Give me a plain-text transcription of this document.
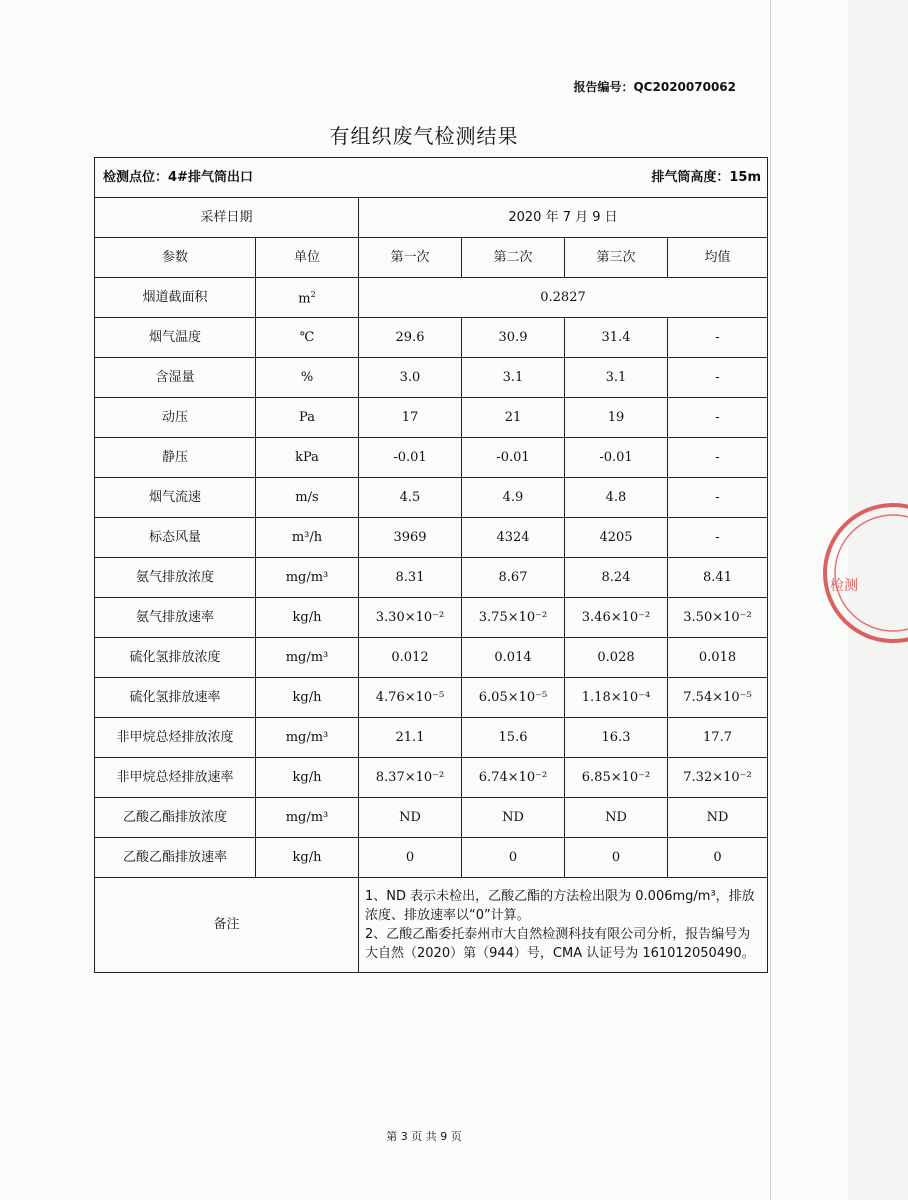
报告编号：QC2020070062
有组织废气检测结果
检测点位：4#排气筒出口			排气筒高度：15m		
采样日期		2020 年 7 月 9 日			
参数	单位	第一次	第二次	第三次	均值
烟道截面积	$m^2$	0.2827			
烟气温度	℃	29.6	30.9	31.4	-
含湿量	%	3.0	3.1	3.1	-
动压	Pa	17	21	19	-
静压	kPa	-0.01	-0.01	-0.01	-
烟气流速	m/s	4.5	4.9	4.8	-
标态风量	m³/h	3969	4324	4205	-
氨气排放浓度	mg/m³	8.31	8.67	8.24	8.41
氨气排放速率	kg/h	3.30×10⁻²	3.75×10⁻²	3.46×10⁻²	3.50×10⁻²
硫化氢排放浓度	mg/m³	0.012	0.014	0.028	0.018
硫化氢排放速率	kg/h	4.76×10⁻⁵	6.05×10⁻⁵	1.18×10⁻⁴	7.54×10⁻⁵
非甲烷总烃排放浓度	mg/m³	21.1	15.6	16.3	17.7
非甲烷总烃排放速率	kg/h	8.37×10⁻²	6.74×10⁻²	6.85×10⁻²	7.32×10⁻²
乙酸乙酯排放浓度	mg/m³	ND	ND	ND	ND
乙酸乙酯排放速率	kg/h	0	0	0	0
备注		1、ND 表示未检出，乙酸乙酯的方法检出限为 0.006mg/m³，排放浓度、排放速率以“0”计算。
2、乙酸乙酯委托泰州市大自然检测科技有限公司分析，报告编号为大自然（2020）第（944）号，CMA 认证号为 161012050490。			
第 3 页 共 9 页
检测
